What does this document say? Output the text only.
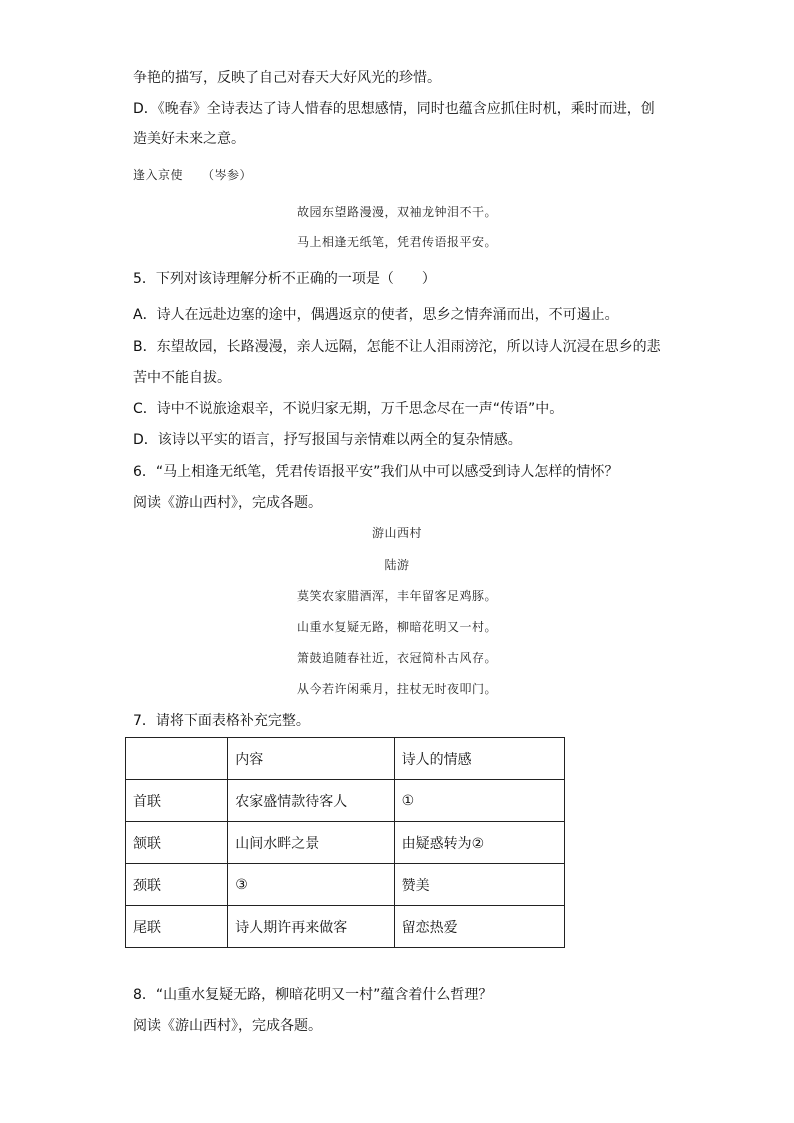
争艳的描写，反映了自己对春天大好风光的珍惜。
D．《晚春》全诗表达了诗人惜春的思想感情，同时也蕴含应抓住时机，乘时而进，创
造美好未来之意。
逢入京使　　（岑参）
故园东望路漫漫，双袖龙钟泪不干。
马上相逢无纸笔，凭君传语报平安。
5．下列对该诗理解分析不正确的一项是（　　）
A．诗人在远赴边塞的途中，偶遇返京的使者，思乡之情奔涌而出，不可遏止。
B．东望故园，长路漫漫，亲人远隔，怎能不让人泪雨滂沱，所以诗人沉浸在思乡的悲
苦中不能自拔。
C．诗中不说旅途艰辛，不说归家无期，万千思念尽在一声“传语”中。
D．该诗以平实的语言，抒写报国与亲情难以两全的复杂情感。
6．“马上相逢无纸笔，凭君传语报平安”我们从中可以感受到诗人怎样的情怀？
阅读《游山西村》，完成各题。
游山西村
陆游
莫笑农家腊酒浑，丰年留客足鸡豚。
山重水复疑无路，柳暗花明又一村。
箫鼓追随春社近，衣冠简朴古风存。
从今若许闲乘月，拄杖无时夜叩门。
7．请将下面表格补充完整。
	内容	诗人的情感
首联	农家盛情款待客人	①
颔联	山间水畔之景	由疑惑转为②
颈联	③	赞美
尾联	诗人期许再来做客	留恋热爱
8．“山重水复疑无路，柳暗花明又一村”蕴含着什么哲理？
阅读《游山西村》，完成各题。
